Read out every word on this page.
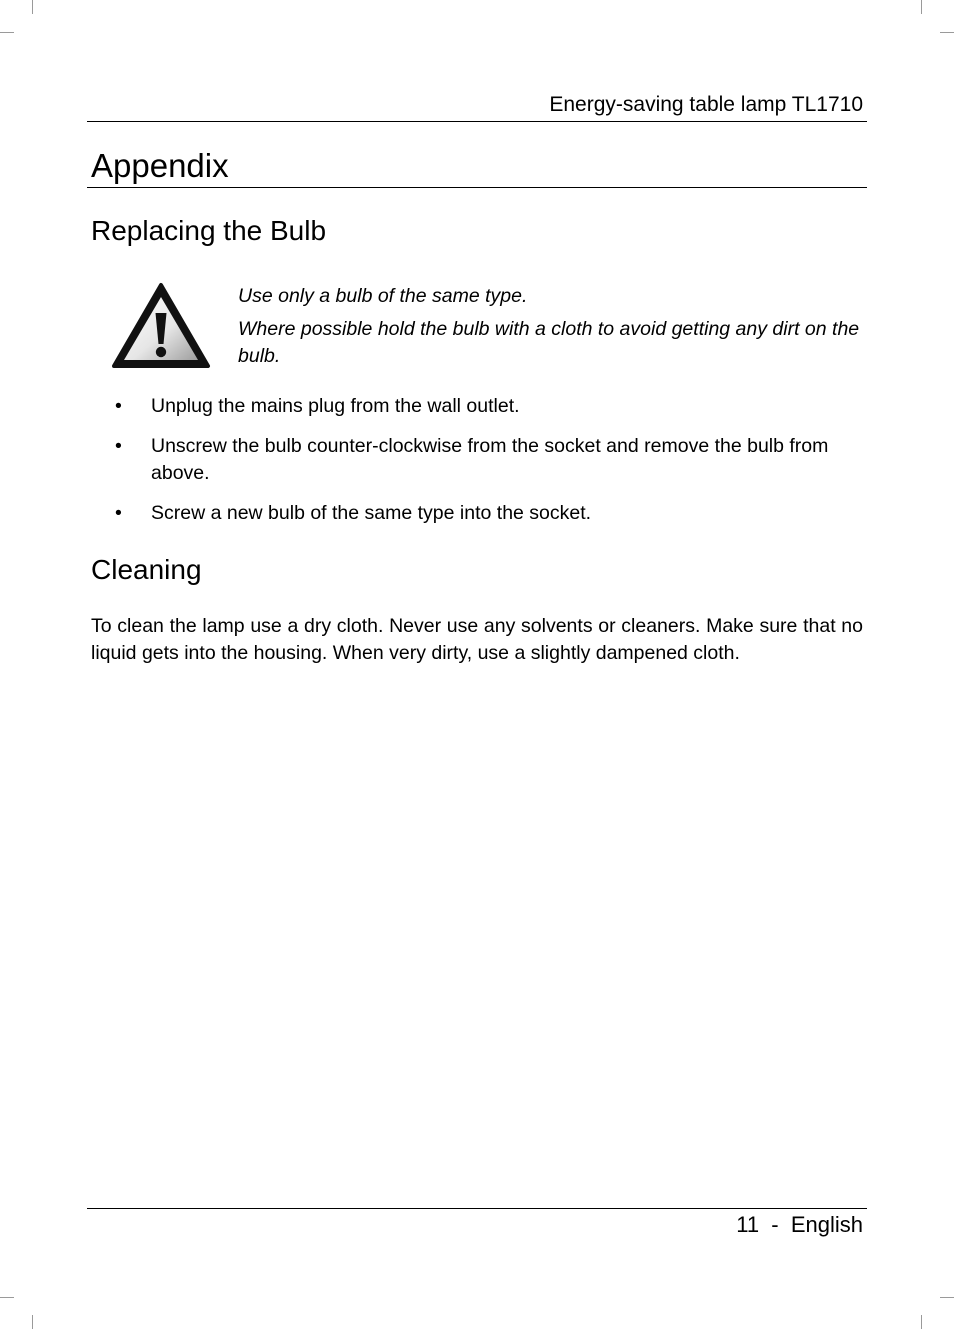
Energy-saving table lamp TL1710
Appendix
Replacing the Bulb

Use only a bulb of the same type.

Where possible hold the bulb with a cloth to avoid getting any dirt on the bulb.

• Unplug the mains plug from the wall outlet.
• Unscrew the bulb counter-clockwise from the socket and remove the bulb from above.
• Screw a new bulb of the same type into the socket.
Cleaning

To clean the lamp use a dry cloth. Never use any solvents or cleaners. Make sure that no liquid gets into the housing. When very dirty, use a slightly dampened cloth.

11  -  English
